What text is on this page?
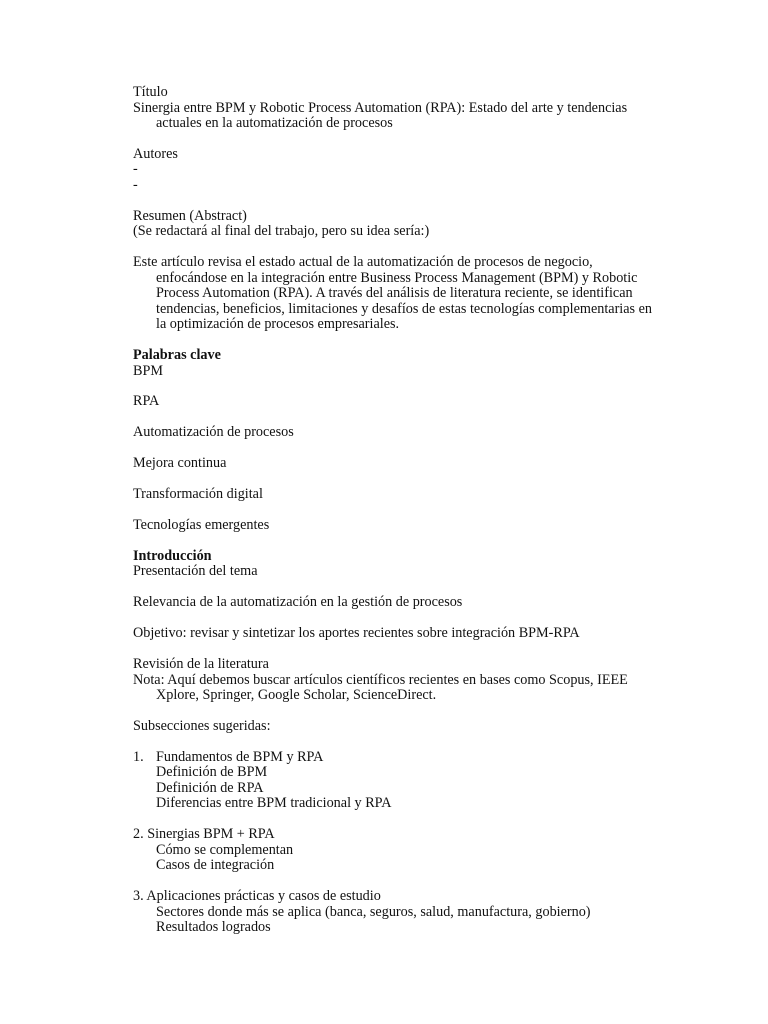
Título
Sinergia entre BPM y Robotic Process Automation (RPA): Estado del arte y tendencias actuales en la automatización de procesos
Autores
-
-
Resumen (Abstract)
(Se redactará al final del trabajo, pero su idea sería:)
Este artículo revisa el estado actual de la automatización de procesos de negocio, enfocándose en la integración entre Business Process Management (BPM) y Robotic Process Automation (RPA). A través del análisis de literatura reciente, se identifican tendencias, beneficios, limitaciones y desafíos de estas tecnologías complementarias en la optimización de procesos empresariales.
Palabras clave
BPM
RPA
Automatización de procesos
Mejora continua
Transformación digital
Tecnologías emergentes
Introducción
Presentación del tema
Relevancia de la automatización en la gestión de procesos
Objetivo: revisar y sintetizar los aportes recientes sobre integración BPM-RPA
Revisión de la literatura
Nota: Aquí debemos buscar artículos científicos recientes en bases como Scopus, IEEE Xplore, Springer, Google Scholar, ScienceDirect.
Subsecciones sugeridas:
1. Fundamentos de BPM y RPA
Definición de BPM
Definición de RPA
Diferencias entre BPM tradicional y RPA
2. Sinergias BPM + RPA
Cómo se complementan
Casos de integración
3. Aplicaciones prácticas y casos de estudio
Sectores donde más se aplica (banca, seguros, salud, manufactura, gobierno)
Resultados logrados
